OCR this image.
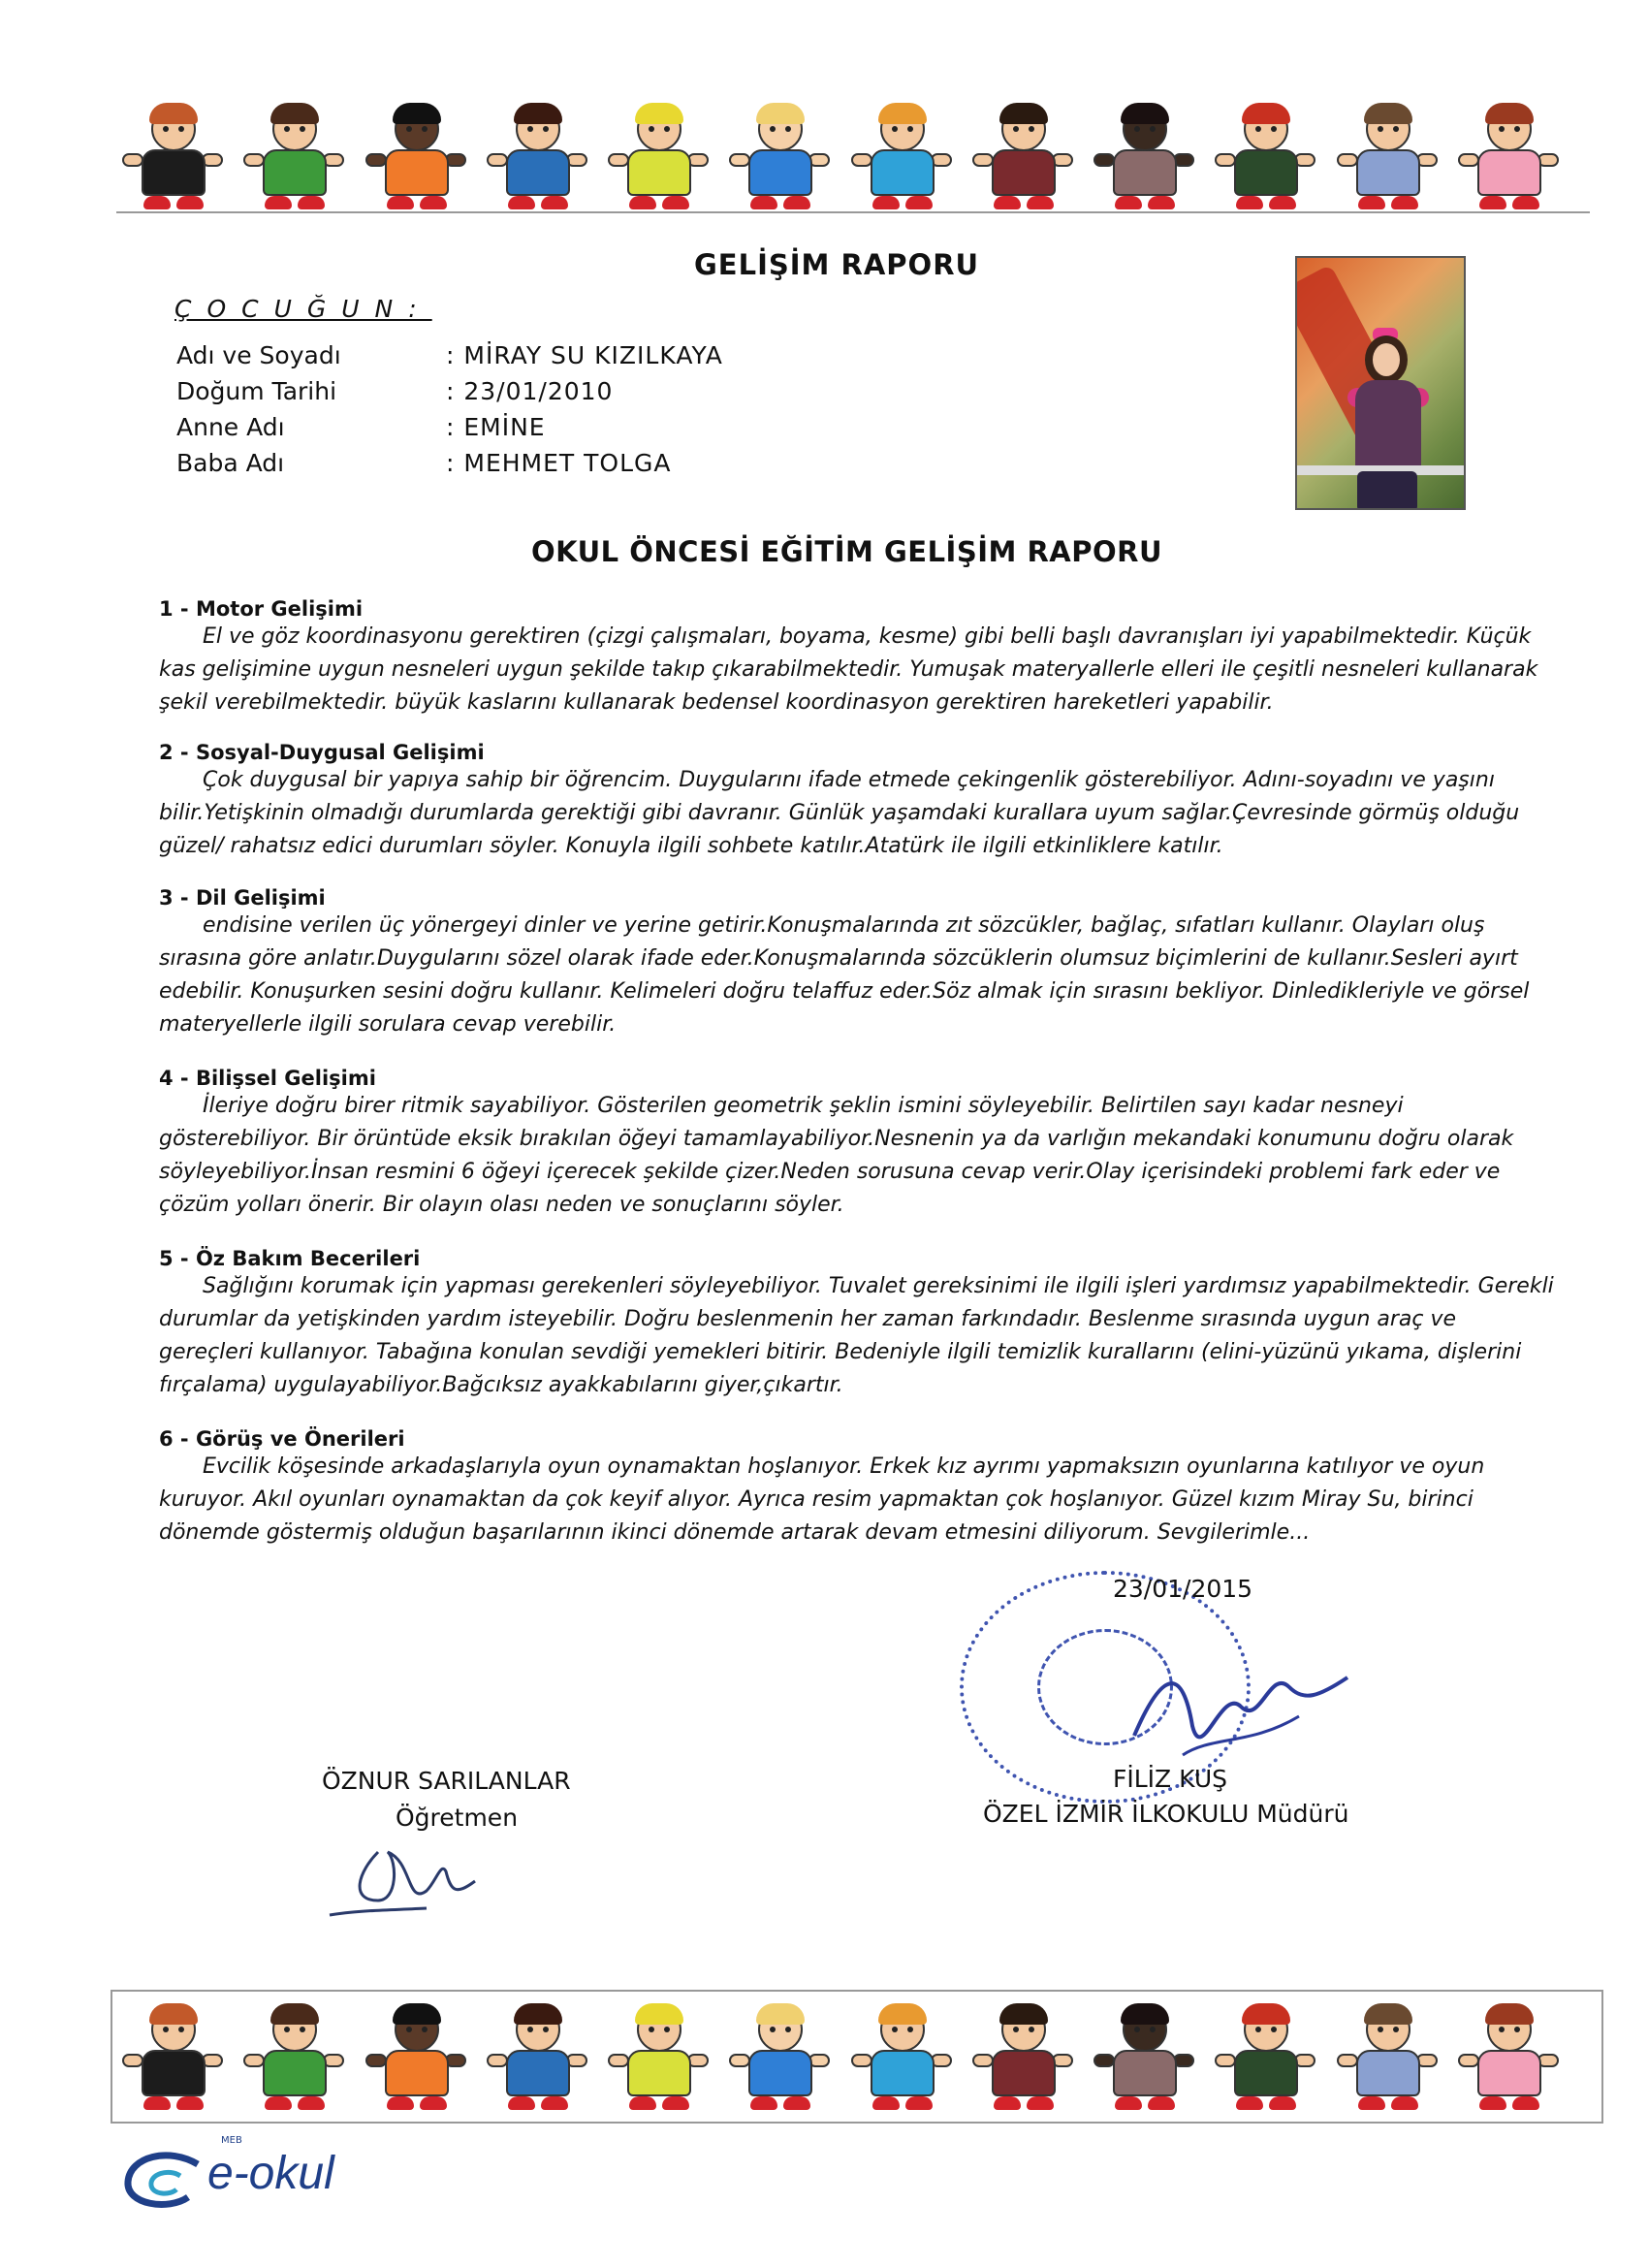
GELİŞİM RAPORU
ÇOCUĞUN:
Adı ve Soyadı	: MİRAY SU KIZILKAYA
Doğum Tarihi	: 23/01/2010
Anne Adı	: EMİNE
Baba Adı	: MEHMET TOLGA
OKUL ÖNCESİ EĞİTİM GELİŞİM RAPORU
1 - Motor Gelişimi
El ve göz koordinasyonu gerektiren (çizgi çalışmaları, boyama, kesme) gibi belli başlı davranışları iyi yapabilmektedir. Küçük kas gelişimine uygun nesneleri uygun şekilde takıp çıkarabilmektedir. Yumuşak materyallerle elleri ile çeşitli nesneleri kullanarak şekil verebilmektedir. büyük kaslarını kullanarak bedensel koordinasyon gerektiren hareketleri yapabilir.
2 - Sosyal-Duygusal Gelişimi
Çok duygusal bir yapıya sahip bir öğrencim. Duygularını ifade etmede çekingenlik gösterebiliyor. Adını-soyadını ve yaşını bilir.Yetişkinin olmadığı durumlarda gerektiği gibi davranır. Günlük yaşamdaki kurallara uyum sağlar.Çevresinde görmüş olduğu güzel/ rahatsız edici durumları söyler. Konuyla ilgili sohbete katılır.Atatürk ile ilgili etkinliklere katılır.
3 - Dil Gelişimi
endisine verilen üç yönergeyi dinler ve yerine getirir.Konuşmalarında zıt sözcükler, bağlaç, sıfatları kullanır. Olayları oluş sırasına göre anlatır.Duygularını sözel olarak ifade eder.Konuşmalarında sözcüklerin olumsuz biçimlerini de kullanır.Sesleri ayırt edebilir. Konuşurken sesini doğru kullanır. Kelimeleri doğru telaffuz eder.Söz almak için sırasını bekliyor. Dinledikleriyle ve görsel materyellerle ilgili sorulara cevap verebilir.
4 - Bilişsel Gelişimi
İleriye doğru birer ritmik sayabiliyor. Gösterilen geometrik şeklin ismini söyleyebilir. Belirtilen sayı kadar nesneyi gösterebiliyor. Bir örüntüde eksik bırakılan öğeyi tamamlayabiliyor.Nesnenin ya da varlığın mekandaki konumunu doğru olarak söyleyebiliyor.İnsan resmini 6 öğeyi içerecek şekilde çizer.Neden sorusuna cevap verir.Olay içerisindeki problemi fark eder ve çözüm yolları önerir. Bir olayın olası neden ve sonuçlarını söyler.
5 - Öz Bakım Becerileri
Sağlığını korumak için yapması gerekenleri söyleyebiliyor. Tuvalet gereksinimi ile ilgili işleri yardımsız yapabilmektedir. Gerekli durumlar da yetişkinden yardım isteyebilir. Doğru beslenmenin her zaman farkındadır. Beslenme sırasında uygun araç ve gereçleri kullanıyor. Tabağına konulan sevdiği yemekleri bitirir. Bedeniyle ilgili temizlik kurallarını (elini-yüzünü yıkama, dişlerini fırçalama) uygulayabiliyor.Bağcıksız ayakkabılarını giyer,çıkartır.
6 - Görüş ve Önerileri
Evcilik köşesinde arkadaşlarıyla oyun oynamaktan hoşlanıyor. Erkek kız ayrımı yapmaksızın oyunlarına katılıyor ve oyun kuruyor. Akıl oyunları oynamaktan da çok keyif alıyor. Ayrıca resim yapmaktan çok hoşlanıyor. Güzel kızım Miray Su, birinci dönemde göstermiş olduğun başarılarının ikinci dönemde artarak devam etmesini diliyorum. Sevgilerimle...
23/01/2015
FİLİZ KUŞ
ÖZEL İZMİR İLKOKULU Müdürü
ÖZNUR SARILANLAR
Öğretmen
MEB
e-okul
